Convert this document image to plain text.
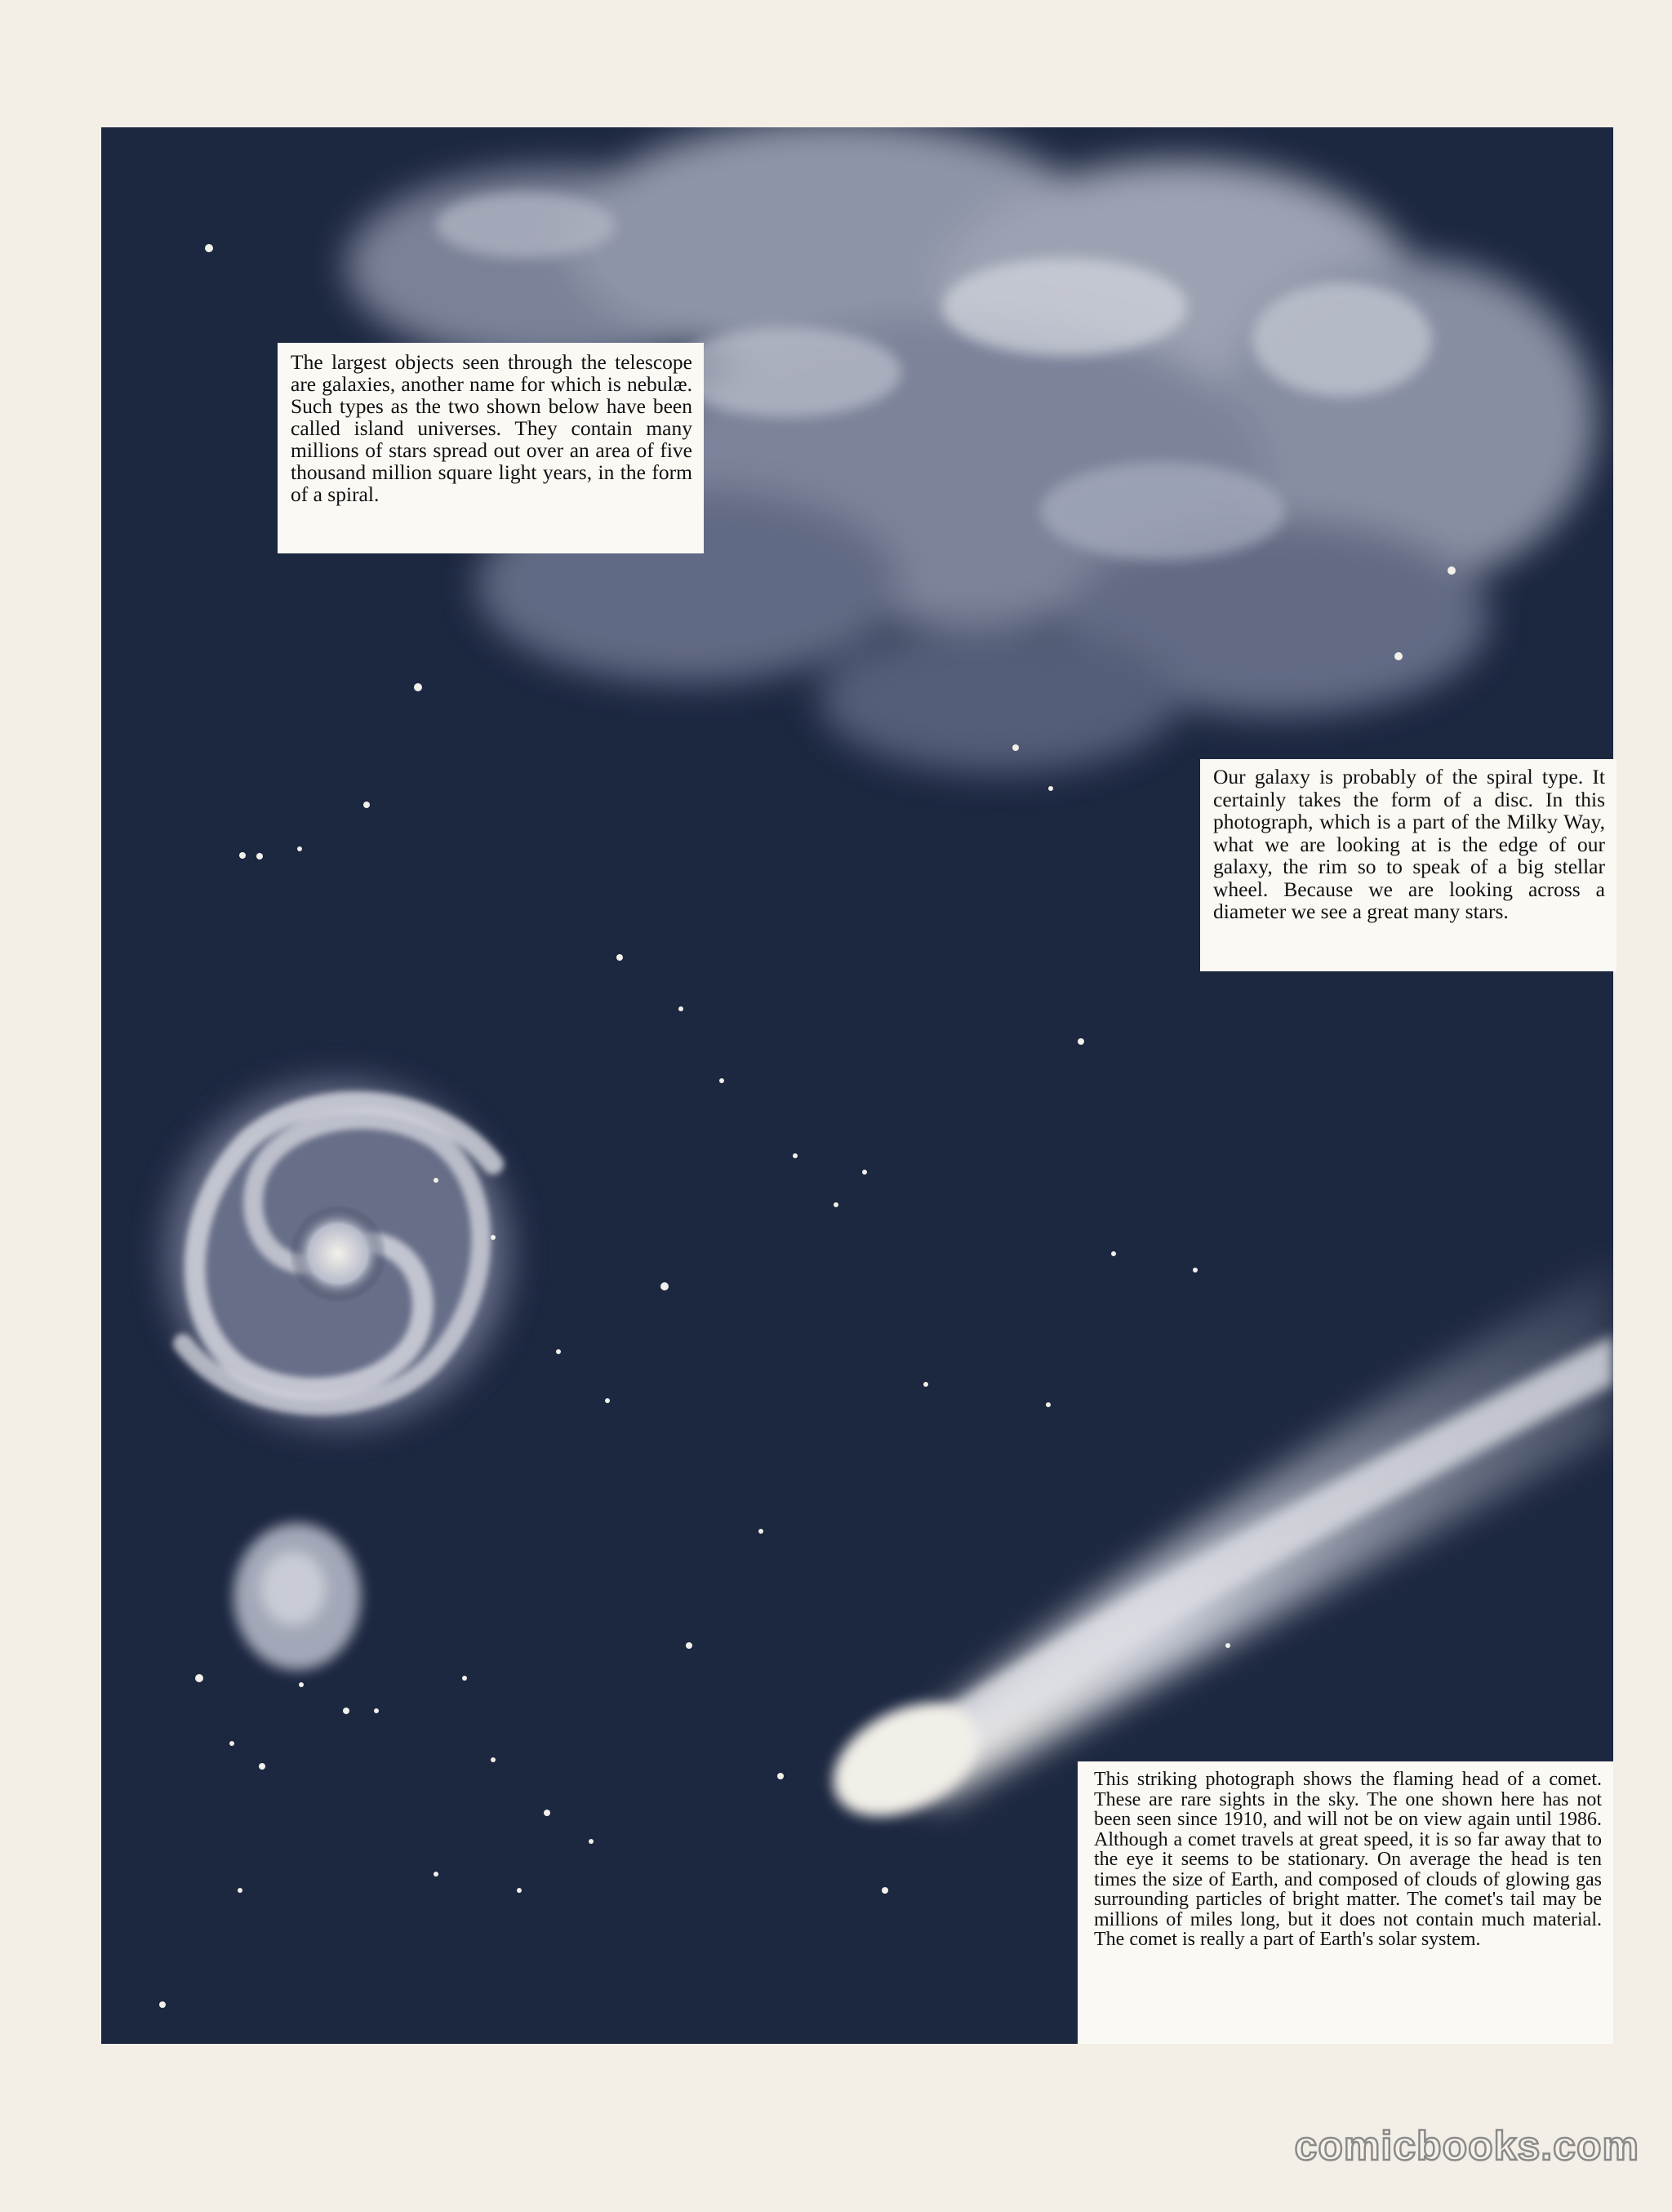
The largest objects seen through the telescope are galaxies, another name for which is nebulæ. Such types as the two shown below have been called island universes. They contain many millions of stars spread out over an area of five thousand million square light years, in the form of a spiral.

Our galaxy is probably of the spiral type. It certainly takes the form of a disc. In this photograph, which is a part of the Milky Way, what we are looking at is the edge of our galaxy, the rim so to speak of a big stellar wheel. Because we are looking across a diameter we see a great many stars.

This striking photograph shows the flaming head of a comet. These are rare sights in the sky. The one shown here has not been seen since 1910, and will not be on view again until 1986. Although a comet travels at great speed, it is so far away that to the eye it seems to be stationary. On average the head is ten times the size of Earth, and composed of clouds of glowing gas surrounding particles of bright matter. The comet's tail may be millions of miles long, but it does not contain much material. The comet is really a part of Earth's solar system.

comicbooks.com
